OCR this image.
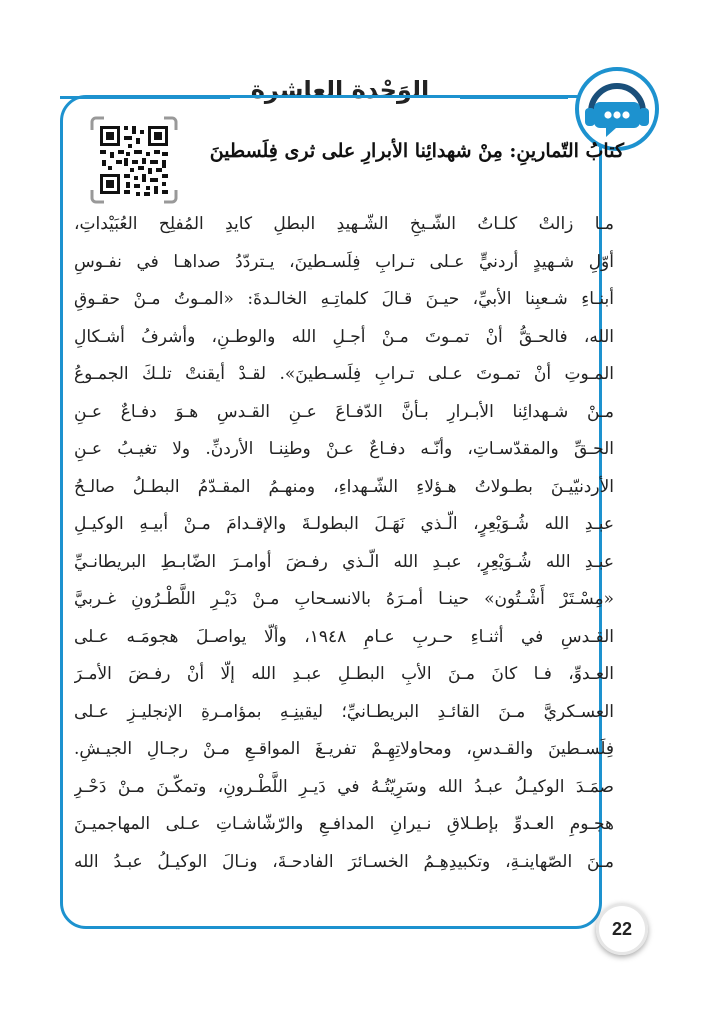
الوَحْدة العاشرة
كتابُ التّمارينِ: مِنْ شهدائِنا الأبرارِ على ثرى فِلَسطينَ
مـا زالتْ كلـاتُ الشّـيخِ الشّـهيدِ البطلِ كايدِ المُفلِح العُبَيْداتِ،
أوّلِ شـهيدٍ أردنيٍّ عـلى تـرابِ فِلَسـطينَ، يـتردّدُ صداهـا في نفـوسِ
أبنـاءِ شـعبِنا الأبيِّ، حيـنَ قـالَ كلماتِـهِ الخالـدةَ: «المـوتُ مـنْ حقـوقِ
الله، فالحـقُّ أنْ تمـوتَ مـنْ أجـلِ الله والوطـنِ، وأشرفُ أشـكالِ
المـوتِ أنْ تمـوتَ عـلى تـرابِ فِلَسـطينَ». لقـدْ أيقنتْ تلـكَ الجمـوعُ
مـنْ شـهدائِنا الأبـرارِ بـأنَّ الدّفـاعَ عـنِ القـدسِ هـوَ دفـاعٌ عـنِ
الحـقِّ والمقدّسـاتِ، وأنّـه دفـاعٌ عـنْ وطنِنـا الأردنِّ. ولا تغيـبُ عـنِ
الأردنيّيـنَ بطـولاتُ هـؤلاءِ الشّـهداءِ، ومنهـمُ المقـدّمُ البطـلُ صالـحُ
عبـدِ الله شُـوَيْعِرٍ، الّـذي نَهَـلَ البطولـةَ والإقـدامَ مـنْ أبيـهِ الوكيـلِ
عبـدِ الله شُـوَيْعِرٍ، عبـدِ الله الّـذي رفـضَ أوامـرَ الضّابـطِ البريطانـيِّ
«مِسْـتَرْ أَشْـتُون» حينـا أمـرَهُ بالانسـحابِ مـنْ دَيْـرِ اللَّطْـرُونِ غـربيَّ
القـدسِ في أثنـاءِ حـربِ عـامِ ١٩٤٨، وألّا يواصـلَ هجومَـه عـلى
العـدوِّ، فـا كانَ مـنَ الأبِ البطـلِ عبـدِ الله إلّا أنْ رفـضَ الأمـرَ
العسـكريَّ مـنَ القائـدِ البريطـانيِّ؛ ليقينِـهِ بمؤامـرةِ الإنجليـزِ عـلى
فِلَسـطينَ والقـدسِ، ومحاولاتِهِـمْ تفريـغَ المواقـعِ مـنْ رجـالِ الجيـشِ.
صمَـدَ الوكيـلُ عبـدُ الله وسَرِيّتُـهُ في دَيـرِ اللَّطْـرونِ، وتمكّـنَ مـنْ دَحْـرِ
هجـومِ العـدوِّ بإطـلاقِ نـيرانِ المدافـعِ والرّشّاشـاتِ عـلى المهاجميـنَ
مـنَ الصّهاينـةِ، وتكبيدِهِـمُ الخسـائرَ الفادحـةَ، ونـالَ الوكيـلُ عبـدُ الله
22
